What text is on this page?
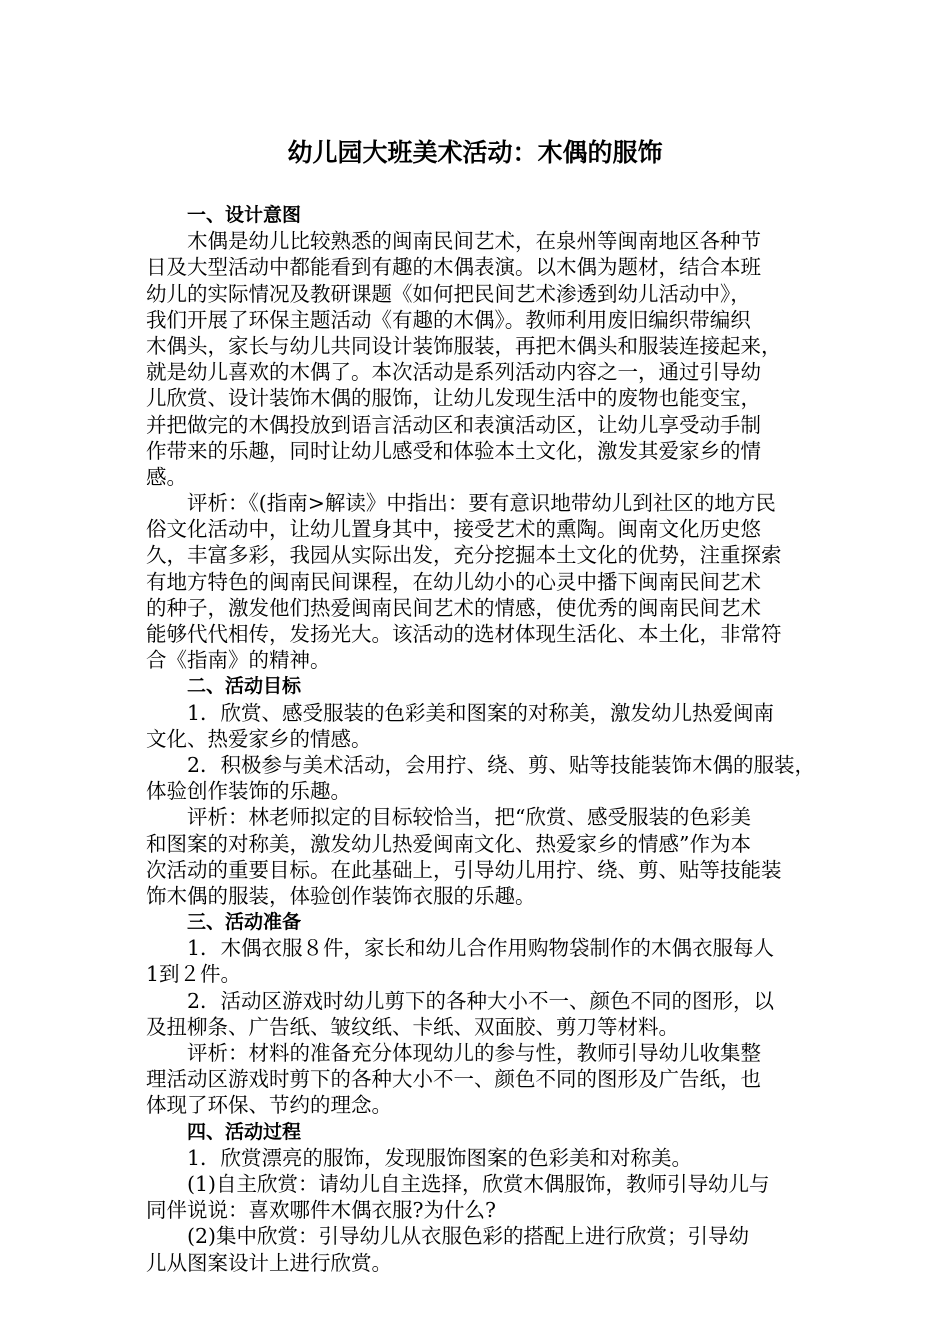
幼儿园大班美术活动：木偶的服饰
一、设计意图
木偶是幼儿比较熟悉的闽南民间艺术，在泉州等闽南地区各种节
日及大型活动中都能看到有趣的木偶表演。以木偶为题材，结合本班
幼儿的实际情况及教研课题《如何把民间艺术渗透到幼儿活动中》，
我们开展了环保主题活动《有趣的木偶》。教师利用废旧编织带编织
木偶头，家长与幼儿共同设计装饰服装，再把木偶头和服装连接起来，
就是幼儿喜欢的木偶了。本次活动是系列活动内容之一，通过引导幼
儿欣赏、设计装饰木偶的服饰，让幼儿发现生活中的废物也能变宝，
并把做完的木偶投放到语言活动区和表演活动区，让幼儿享受动手制
作带来的乐趣，同时让幼儿感受和体验本土文化，激发其爱家乡的情
感。
评析：《(指南>解读》中指出：要有意识地带幼儿到社区的地方民
俗文化活动中，让幼儿置身其中，接受艺术的熏陶。闽南文化历史悠
久，丰富多彩，我园从实际出发，充分挖掘本土文化的优势，注重探索
有地方特色的闽南民间课程，在幼儿幼小的心灵中播下闽南民间艺术
的种子，激发他们热爱闽南民间艺术的情感，使优秀的闽南民间艺术
能够代代相传，发扬光大。该活动的选材体现生活化、本土化，非常符
合《指南》的精神。
二、活动目标
1．欣赏、感受服装的色彩美和图案的对称美，激发幼儿热爱闽南
文化、热爱家乡的情感。
2．积极参与美术活动，会用拧、绕、剪、贴等技能装饰木偶的服装，
体验创作装饰的乐趣。
评析：林老师拟定的目标较恰当，把“欣赏、感受服装的色彩美
和图案的对称美，激发幼儿热爱闽南文化、热爱家乡的情感”作为本
次活动的重要目标。在此基础上，引导幼儿用拧、绕、剪、贴等技能装
饰木偶的服装，体验创作装饰衣服的乐趣。
三、活动准备
1．木偶衣服８件，家长和幼儿合作用购物袋制作的木偶衣服每人
1到２件。
2．活动区游戏时幼儿剪下的各种大小不一、颜色不同的图形，以
及扭柳条、广告纸、皱纹纸、卡纸、双面胶、剪刀等材料。
评析：材料的准备充分体现幼儿的参与性，教师引导幼儿收集整
理活动区游戏时剪下的各种大小不一、颜色不同的图形及广告纸，也
体现了环保、节约的理念。
四、活动过程
1．欣赏漂亮的服饰，发现服饰图案的色彩美和对称美。
(1)自主欣赏：请幼儿自主选择，欣赏木偶服饰，教师引导幼儿与
同伴说说：喜欢哪件木偶衣服?为什么?
(2)集中欣赏：引导幼儿从衣服色彩的搭配上进行欣赏；引导幼
儿从图案设计上进行欣赏。
